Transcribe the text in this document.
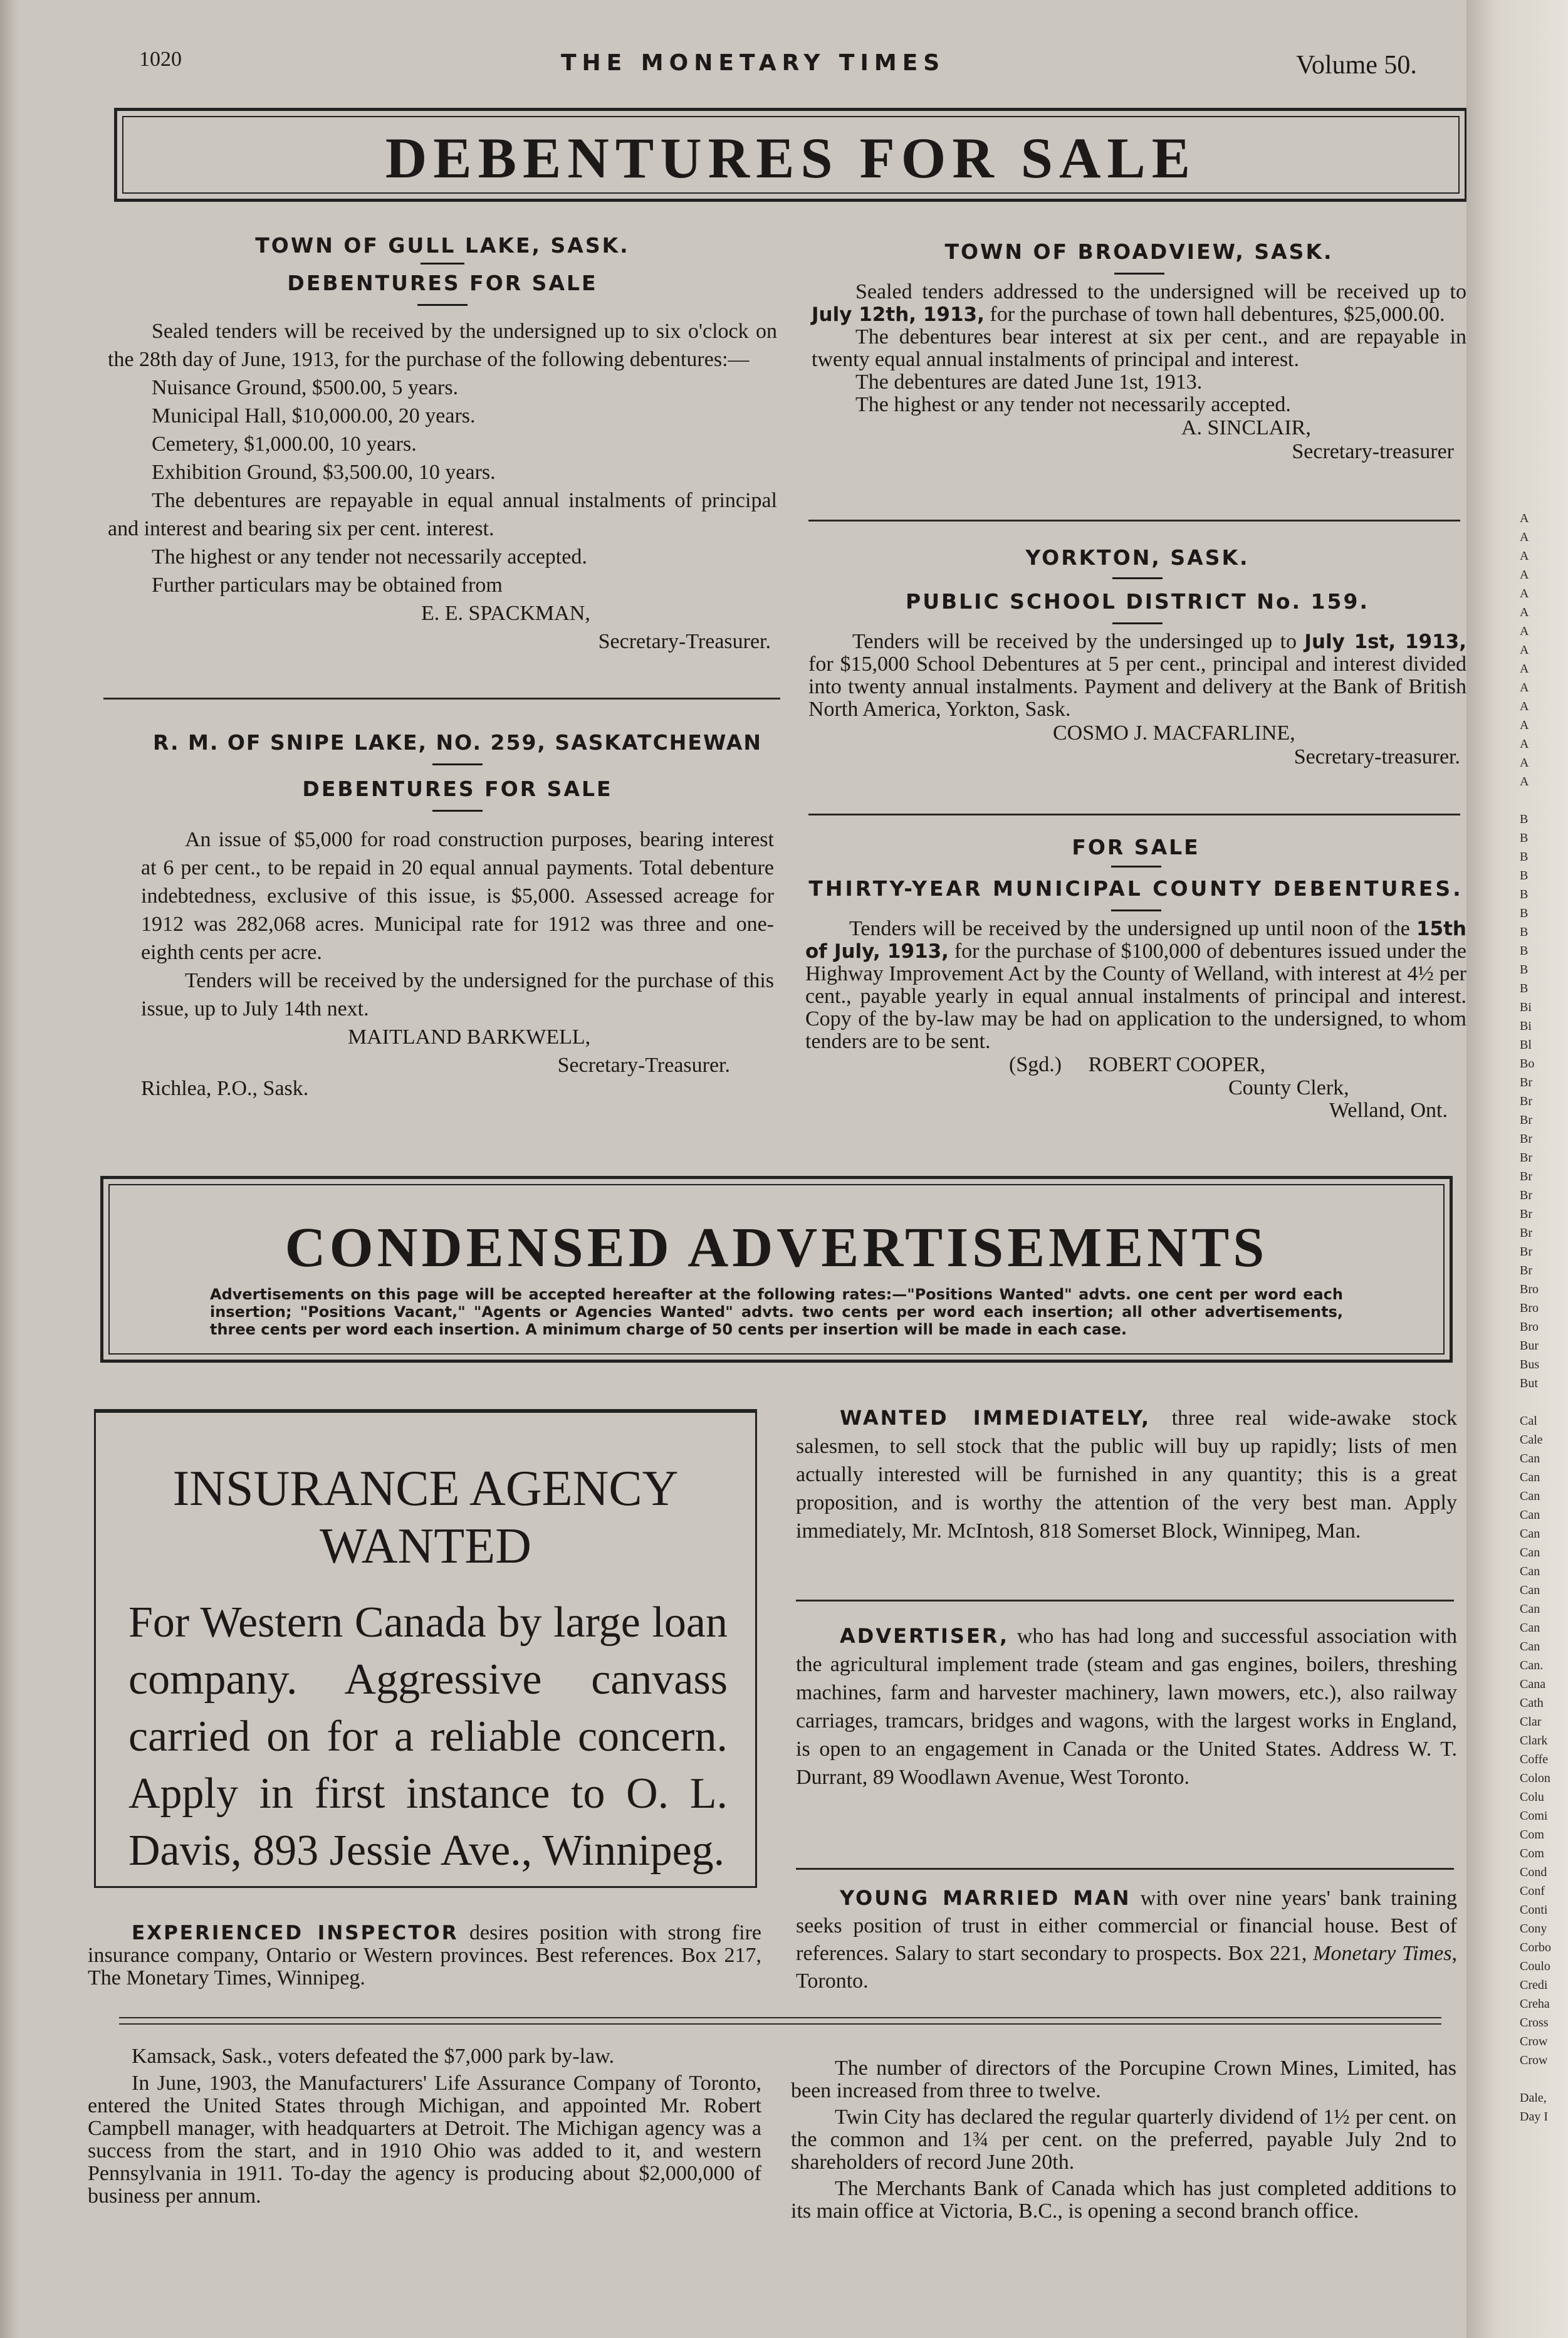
1020	THE MONETARY TIMES	Volume 50.
DEBENTURES FOR SALE

TOWN OF GULL LAKE, SASK.

DEBENTURES FOR SALE

Sealed tenders will be received by the undersigned up to six o'clock on the 28th day of June, 1913, for the purchase of the following debentures:—

Nuisance Ground, $500.00, 5 years.

Municipal Hall, $10,000.00, 20 years.

Cemetery, $1,000.00, 10 years.

Exhibition Ground, $3,500.00, 10 years.

The debentures are repayable in equal annual instalments of principal and interest and bearing six per cent. interest.

The highest or any tender not necessarily accepted.

Further particulars may be obtained from

E. E. SPACKMAN,

Secretary-Treasurer.

R. M. OF SNIPE LAKE, NO. 259, SASKATCHEWAN

DEBENTURES FOR SALE

An issue of $5,000 for road construction purposes, bearing interest at 6 per cent., to be repaid in 20 equal annual payments. Total debenture indebtedness, exclusive of this issue, is $5,000. Assessed acreage for 1912 was 282,068 acres. Municipal rate for 1912 was three and one-eighth cents per acre.

Tenders will be received by the undersigned for the purchase of this issue, up to July 14th next.

MAITLAND BARKWELL,

Secretary-Treasurer.

Richlea, P.O., Sask.

TOWN OF BROADVIEW, SASK.

Sealed tenders addressed to the undersigned will be received up to July 12th, 1913, for the purchase of town hall debentures, $25,000.00.

The debentures bear interest at six per cent., and are repayable in twenty equal annual instalments of principal and interest.

The debentures are dated June 1st, 1913.

The highest or any tender not necessarily accepted.

A. SINCLAIR,

Secretary-treasurer

YORKTON, SASK.

PUBLIC SCHOOL DISTRICT No. 159.

Tenders will be received by the undersinged up to July 1st, 1913, for $15,000 School Debentures at 5 per cent., principal and interest divided into twenty annual instalments. Payment and delivery at the Bank of British North America, Yorkton, Sask.

COSMO J. MACFARLINE,

Secretary-treasurer.

FOR SALE

THIRTY-YEAR MUNICIPAL COUNTY DEBENTURES.

Tenders will be received by the undersigned up until noon of the 15th of July, 1913, for the purchase of $100,000 of debentures issued under the Highway Improvement Act by the County of Welland, with interest at 4½ per cent., payable yearly in equal annual instalments of principal and interest. Copy of the by-law may be had on application to the undersigned, to whom tenders are to be sent.

(Sgd.) ROBERT COOPER,

County Clerk,

Welland, Ont.

CONDENSED ADVERTISEMENTS
Advertisements on this page will be accepted hereafter at the following rates:—"Positions Wanted" advts. one cent per word each insertion; "Positions Vacant," "Agents or Agencies Wanted" advts. two cents per word each insertion; all other advertisements, three cents per word each insertion. A minimum charge of 50 cents per insertion will be made in each case.
INSURANCE AGENCY
WANTED
For Western Canada by large loan company. Aggressive canvass carried on for a reliable concern. Apply in first instance to O. L. Davis, 893 Jessie Ave., Winnipeg.

EXPERIENCED INSPECTOR desires position with strong fire insurance company, Ontario or Western provinces. Best references. Box 217, The Monetary Times, Winnipeg.

WANTED IMMEDIATELY, three real wide-awake stock salesmen, to sell stock that the public will buy up rapidly; lists of men actually interested will be furnished in any quantity; this is a great proposition, and is worthy the attention of the very best man. Apply immediately, Mr. McIntosh, 818 Somerset Block, Winnipeg, Man.

ADVERTISER, who has had long and successful association with the agricultural implement trade (steam and gas engines, boilers, threshing machines, farm and harvester machinery, lawn mowers, etc.), also railway carriages, tramcars, bridges and wagons, with the largest works in England, is open to an engagement in Canada or the United States. Address W. T. Durrant, 89 Woodlawn Avenue, West Toronto.

YOUNG MARRIED MAN with over nine years' bank training seeks position of trust in either commercial or financial house. Best of references. Salary to start secondary to prospects. Box 221, Monetary Times, Toronto.

Kamsack, Sask., voters defeated the $7,000 park by-law.

In June, 1903, the Manufacturers' Life Assurance Company of Toronto, entered the United States through Michigan, and appointed Mr. Robert Campbell manager, with headquarters at Detroit. The Michigan agency was a success from the start, and in 1910 Ohio was added to it, and western Pennsylvania in 1911. To-day the agency is producing about $2,000,000 of business per annum.

The number of directors of the Porcupine Crown Mines, Limited, has been increased from three to twelve.

Twin City has declared the regular quarterly dividend of 1½ per cent. on the common and 1¾ per cent. on the preferred, payable July 2nd to shareholders of record June 20th.

The Merchants Bank of Canada which has just completed additions to its main office at Victoria, B.C., is opening a second branch office.

A
A
A
A
A
A
A
A
A
A
A
A
A
A
A

B
B
B
B
B
B
B
B
B
B
Bi
Bi
Bl
Bo
Br
Br
Br
Br
Br
Br
Br
Br
Br
Br
Br
Bro
Bro
Bro
Bur
Bus
But

Cal
Cale
Can
Can
Can
Can
Can
Can
Can
Can
Can
Can
Can
Can.
Cana
Cath
Clar
Clark
Coffe
Colon
Colu
Comi
Com
Com
Cond
Conf
Conti
Cony
Corbo
Coulo
Credi
Creha
Cross
Crow
Crow

Dale,
Day I
